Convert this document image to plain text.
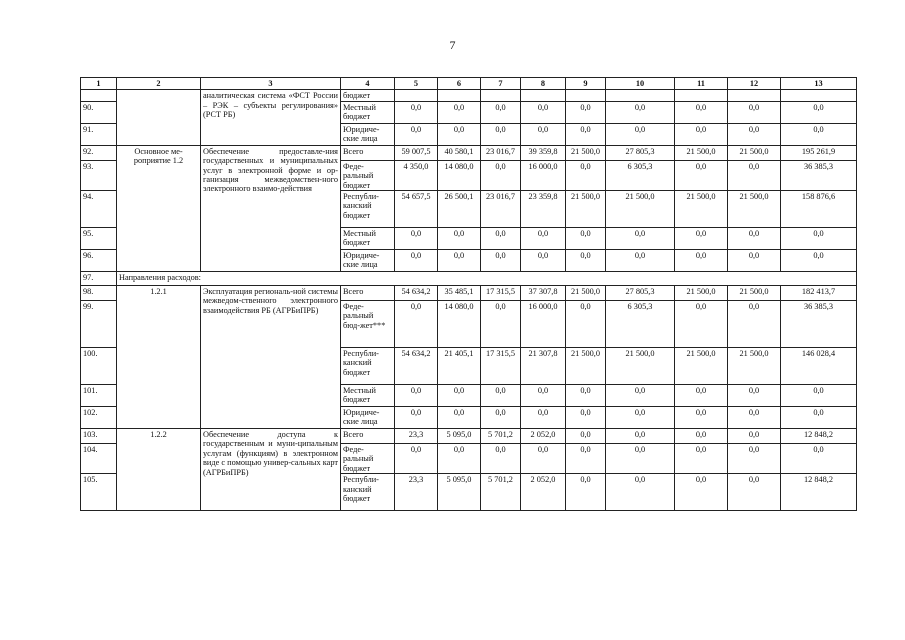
7
1	2	3	4	5	6	7	8	9	10	11	12	13
		аналитическая система «ФСТ России – РЭК – субъекты регулирования» (РСТ РБ)	бюджет									
90.			Местный бюджет	0,0	0,0	0,0	0,0	0,0	0,0	0,0	0,0	0,0
91.			Юридиче-ские лица	0,0	0,0	0,0	0,0	0,0	0,0	0,0	0,0	0,0
92.	Основное ме-роприятие 1.2	Обеспечение предоставле-ния государственных и муниципальных услуг в электронной форме и ор-ганизация межведомствен-ного электронного взаимо-действия	Всего	59 007,5	40 580,1	23 016,7	39 359,8	21 500,0	27 805,3	21 500,0	21 500,0	195 261,9
93.			Феде-ральный бюджет	4 350,0	14 080,0	0,0	16 000,0	0,0	6 305,3	0,0	0,0	36 385,3
94.			Республи-канский бюджет	54 657,5	26 500,1	23 016,7	23 359,8	21 500,0	21 500,0	21 500,0	21 500,0	158 876,6
95.			Местный бюджет	0,0	0,0	0,0	0,0	0,0	0,0	0,0	0,0	0,0
96.			Юридиче-ские лица	0,0	0,0	0,0	0,0	0,0	0,0	0,0	0,0	0,0
97.	Направления расходов:											
98.	1.2.1	Эксплуатация региональ-ной системы межведом-ственного электронного взаимодействия РБ (АГРБиПРБ)	Всего	54 634,2	35 485,1	17 315,5	37 307,8	21 500,0	27 805,3	21 500,0	21 500,0	182 413,7
99.			Феде-ральный бюд-жет***	0,0	14 080,0	0,0	16 000,0	0,0	6 305,3	0,0	0,0	36 385,3
100.			Республи-канский бюджет	54 634,2	21 405,1	17 315,5	21 307,8	21 500,0	21 500,0	21 500,0	21 500,0	146 028,4
101.			Местный бюджет	0,0	0,0	0,0	0,0	0,0	0,0	0,0	0,0	0,0
102.			Юридиче-ские лица	0,0	0,0	0,0	0,0	0,0	0,0	0,0	0,0	0,0
103.	1.2.2	Обеспечение доступа к государственным и муни-ципальным услугам (функциям) в электронном виде с помощью универ-сальных карт (АГРБиПРБ)	Всего	23,3	5 095,0	5 701,2	2 052,0	0,0	0,0	0,0	0,0	12 848,2
104.			Феде-ральный бюджет	0,0	0,0	0,0	0,0	0,0	0,0	0,0	0,0	0,0
105.			Республи-канский бюджет	23,3	5 095,0	5 701,2	2 052,0	0,0	0,0	0,0	0,0	12 848,2
